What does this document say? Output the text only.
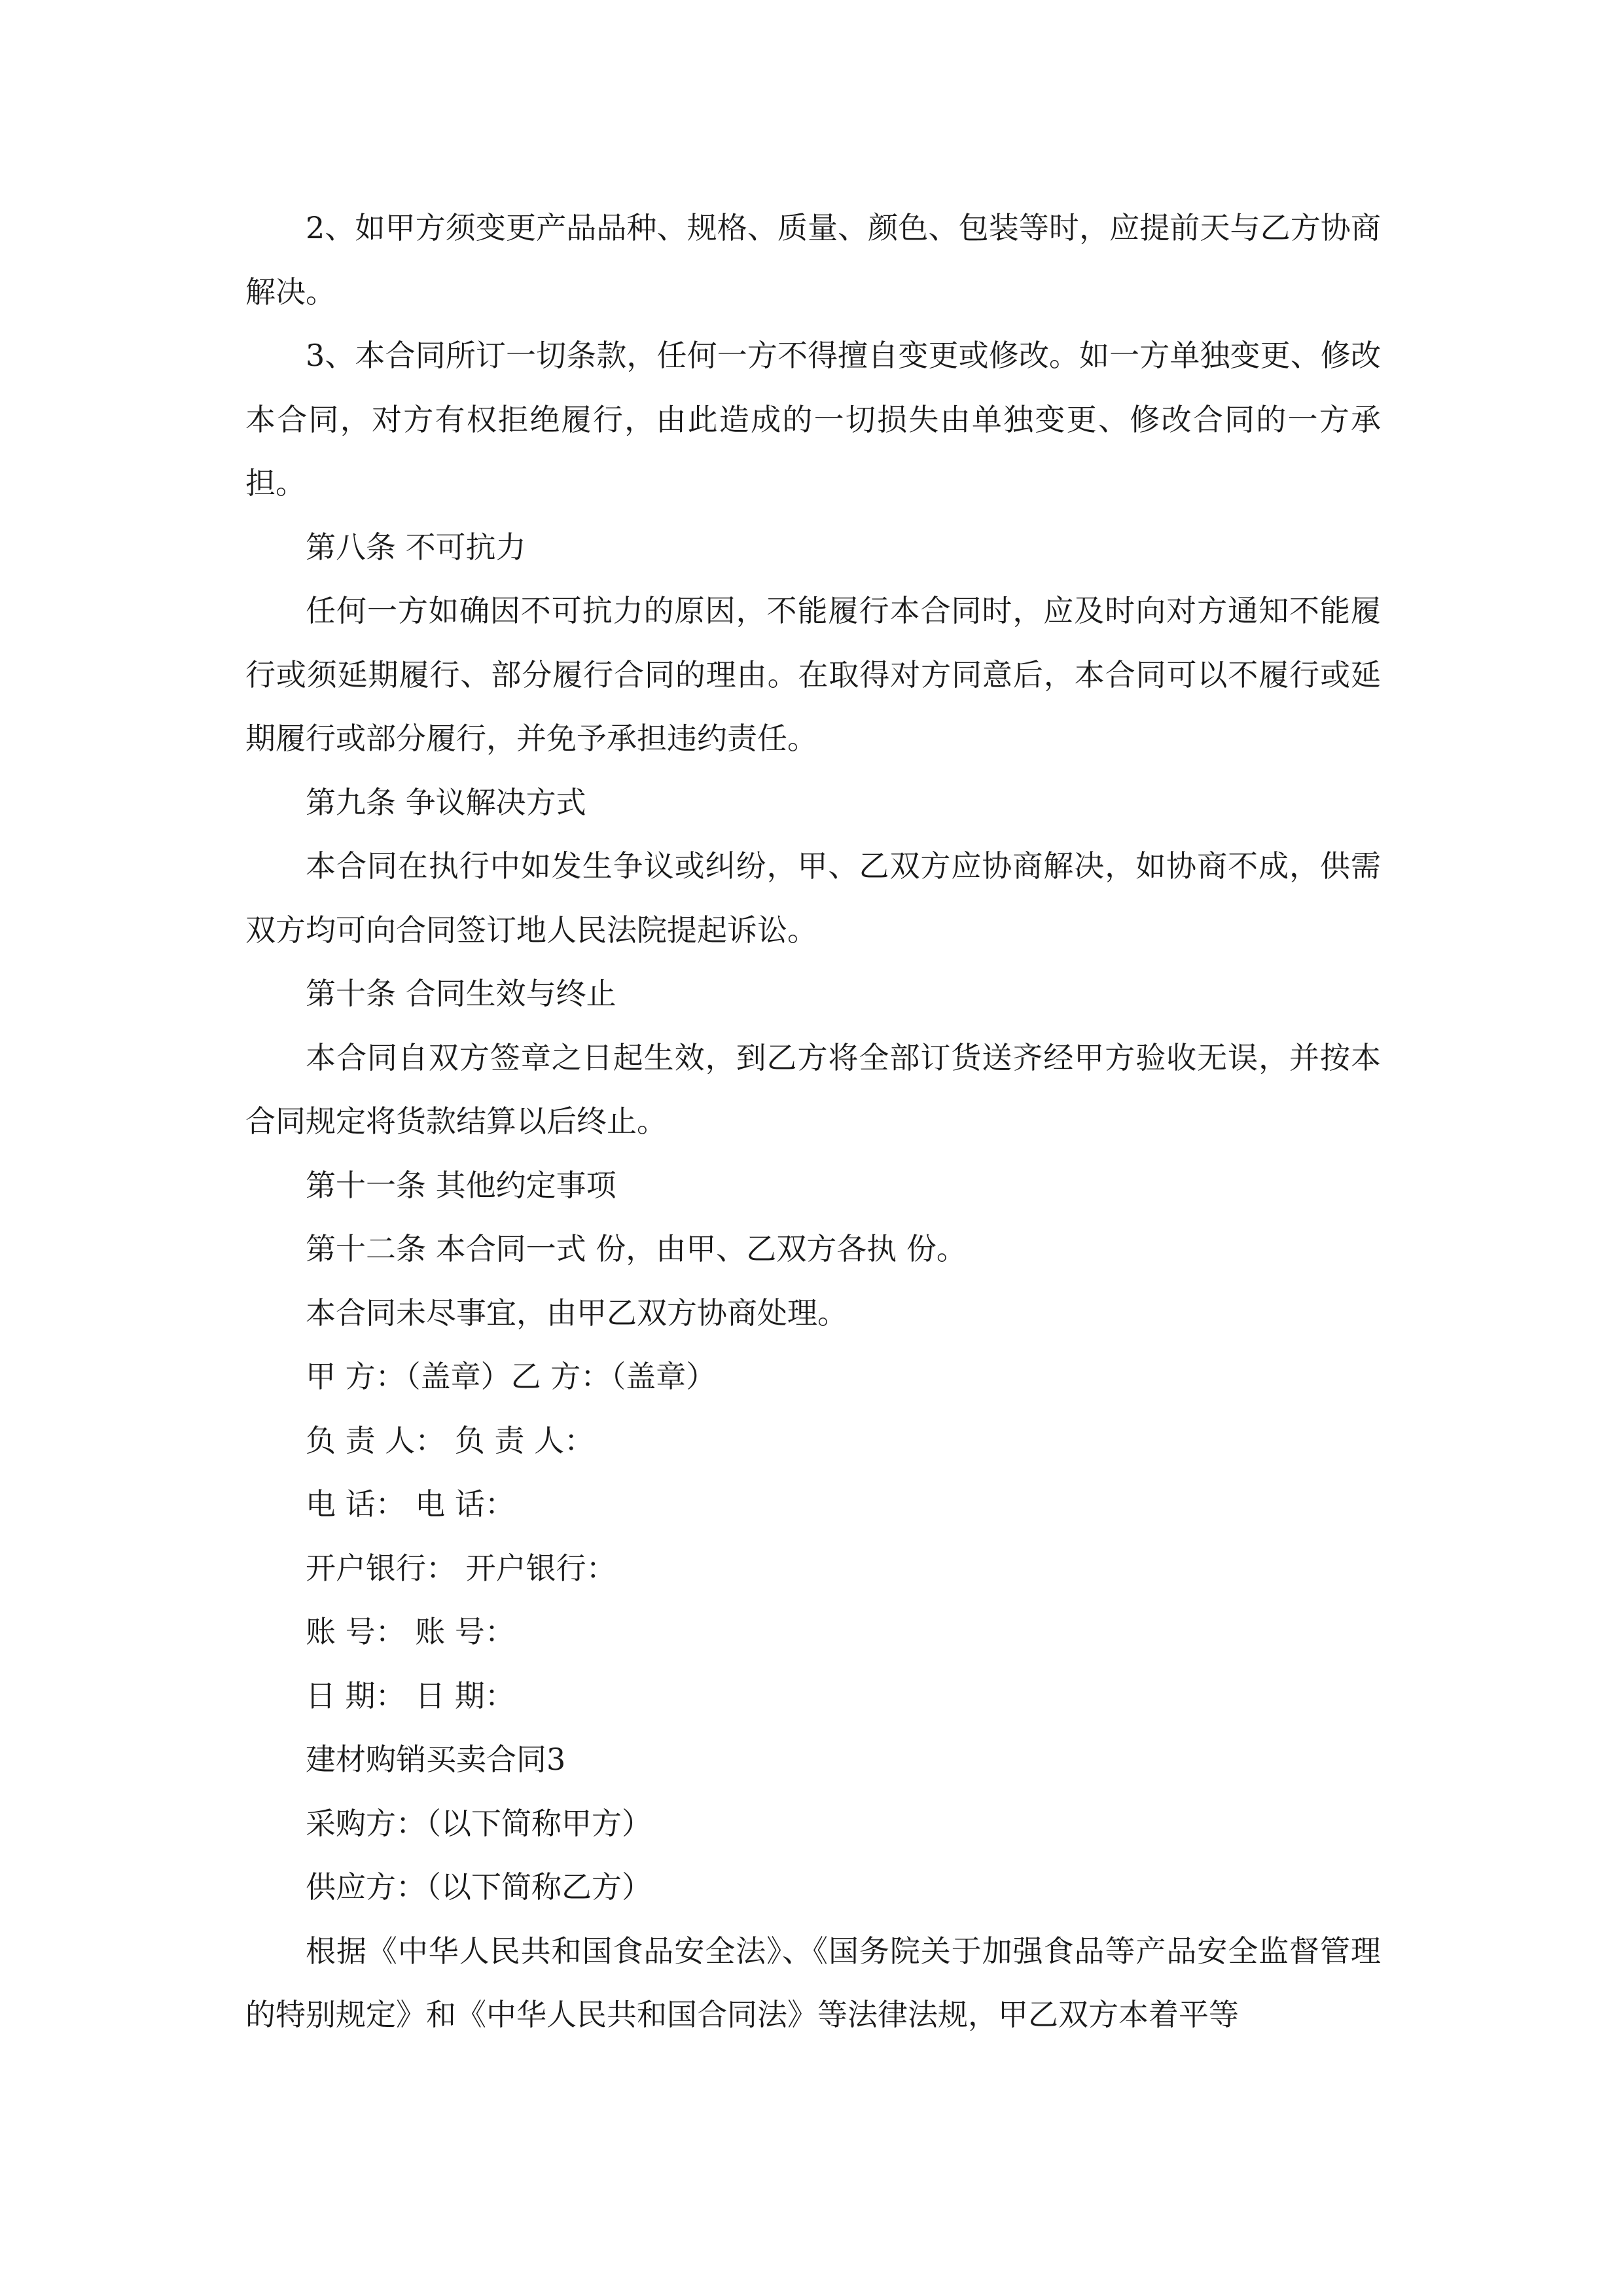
2、如甲方须变更产品品种、规格、质量、颜色、包装等时，应提前天与乙方协商解决。

3、本合同所订一切条款，任何一方不得擅自变更或修改。如一方单独变更、修改本合同，对方有权拒绝履行，由此造成的一切损失由单独变更、修改合同的一方承担。

第八条 不可抗力

任何一方如确因不可抗力的原因，不能履行本合同时，应及时向对方通知不能履行或须延期履行、部分履行合同的理由。在取得对方同意后，本合同可以不履行或延期履行或部分履行，并免予承担违约责任。

第九条 争议解决方式

本合同在执行中如发生争议或纠纷，甲、乙双方应协商解决，如协商不成，供需双方均可向合同签订地人民法院提起诉讼。

第十条 合同生效与终止

本合同自双方签章之日起生效，到乙方将全部订货送齐经甲方验收无误，并按本合同规定将货款结算以后终止。

第十一条 其他约定事项

第十二条 本合同一式 份，由甲、乙双方各执 份。

本合同未尽事宜，由甲乙双方协商处理。

甲 方：（盖章）乙 方：（盖章）

负 责 人： 负 责 人：

电 话： 电 话：

开户银行： 开户银行：

账 号： 账 号：

日 期： 日 期：

建材购销买卖合同3

采购方：（以下简称甲方）

供应方：（以下简称乙方）

根据《中华人民共和国食品安全法》、《国务院关于加强食品等产品安全监督管理的特别规定》和《中华人民共和国合同法》等法律法规，甲乙双方本着平等
